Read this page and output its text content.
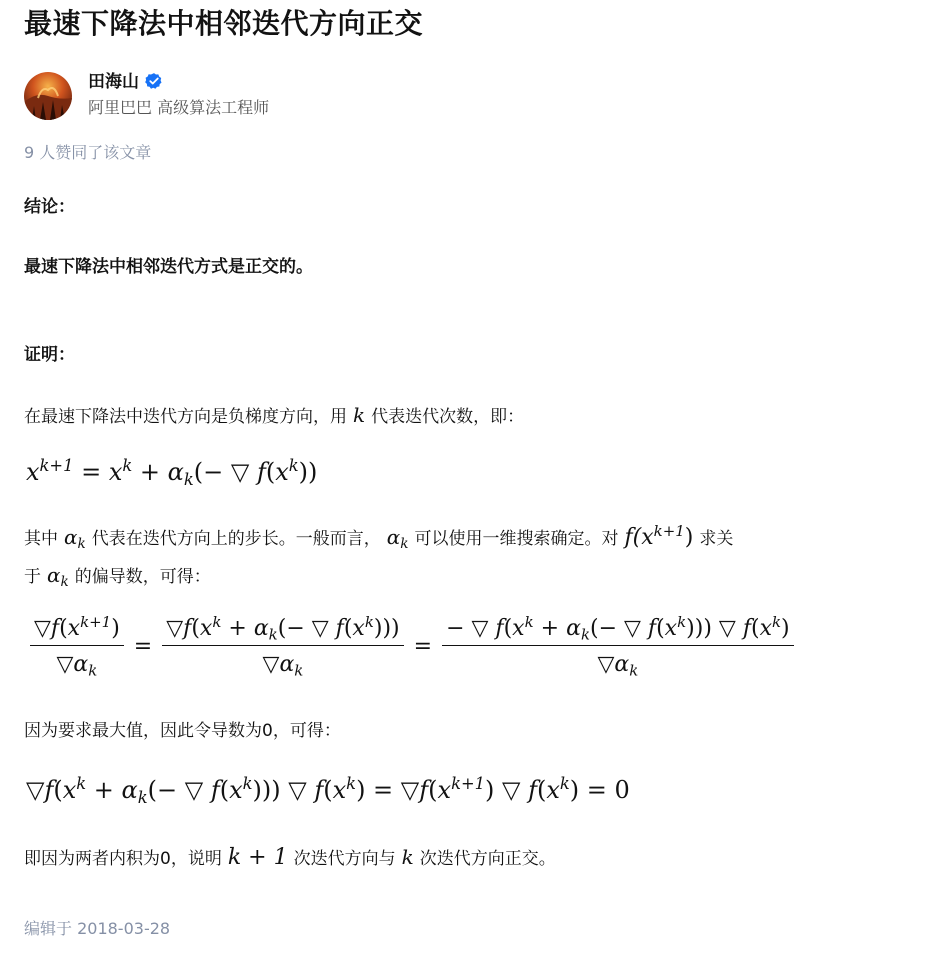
最速下降法中相邻迭代方向正交
田海山
阿里巴巴 高级算法工程师
9 人赞同了该文章
结论：
最速下降法中相邻迭代方式是正交的。
证明：
在最速下降法中迭代方向是负梯度方向，用 k 代表迭代次数，即：
$x^{k+1} = x^k + \alpha_k(-$ ▽ $f(x^k)$)
其中 $\alpha_k$ 代表在迭代方向上的步长。一般而言， $\alpha_k$ 可以使用一维搜索确定。对 $f(x^{k+1})$ 求关
于 $\alpha_k$ 的偏导数，可得：
$\frac{▽f(x^{k+1})}{▽\alpha_k} = \frac{▽f(x^k + \alpha_k(- ▽ f(x^k)))}{▽\alpha_k} = \frac{- ▽ f(x^k + \alpha_k(- ▽ f(x^k))) ▽ f(x^k)}{▽\alpha_k}$
因为要求最大值，因此令导数为0，可得：
$▽f(x^k + \alpha_k(-$ ▽ $f(x^k)$)) ▽ $f(x^k)$ = $▽f(x^{k+1})$ ▽ $f(x^k) = 0$
即因为两者内积为0，说明 k + 1 次迭代方向与 k 次迭代方向正交。
编辑于 2018-03-28
